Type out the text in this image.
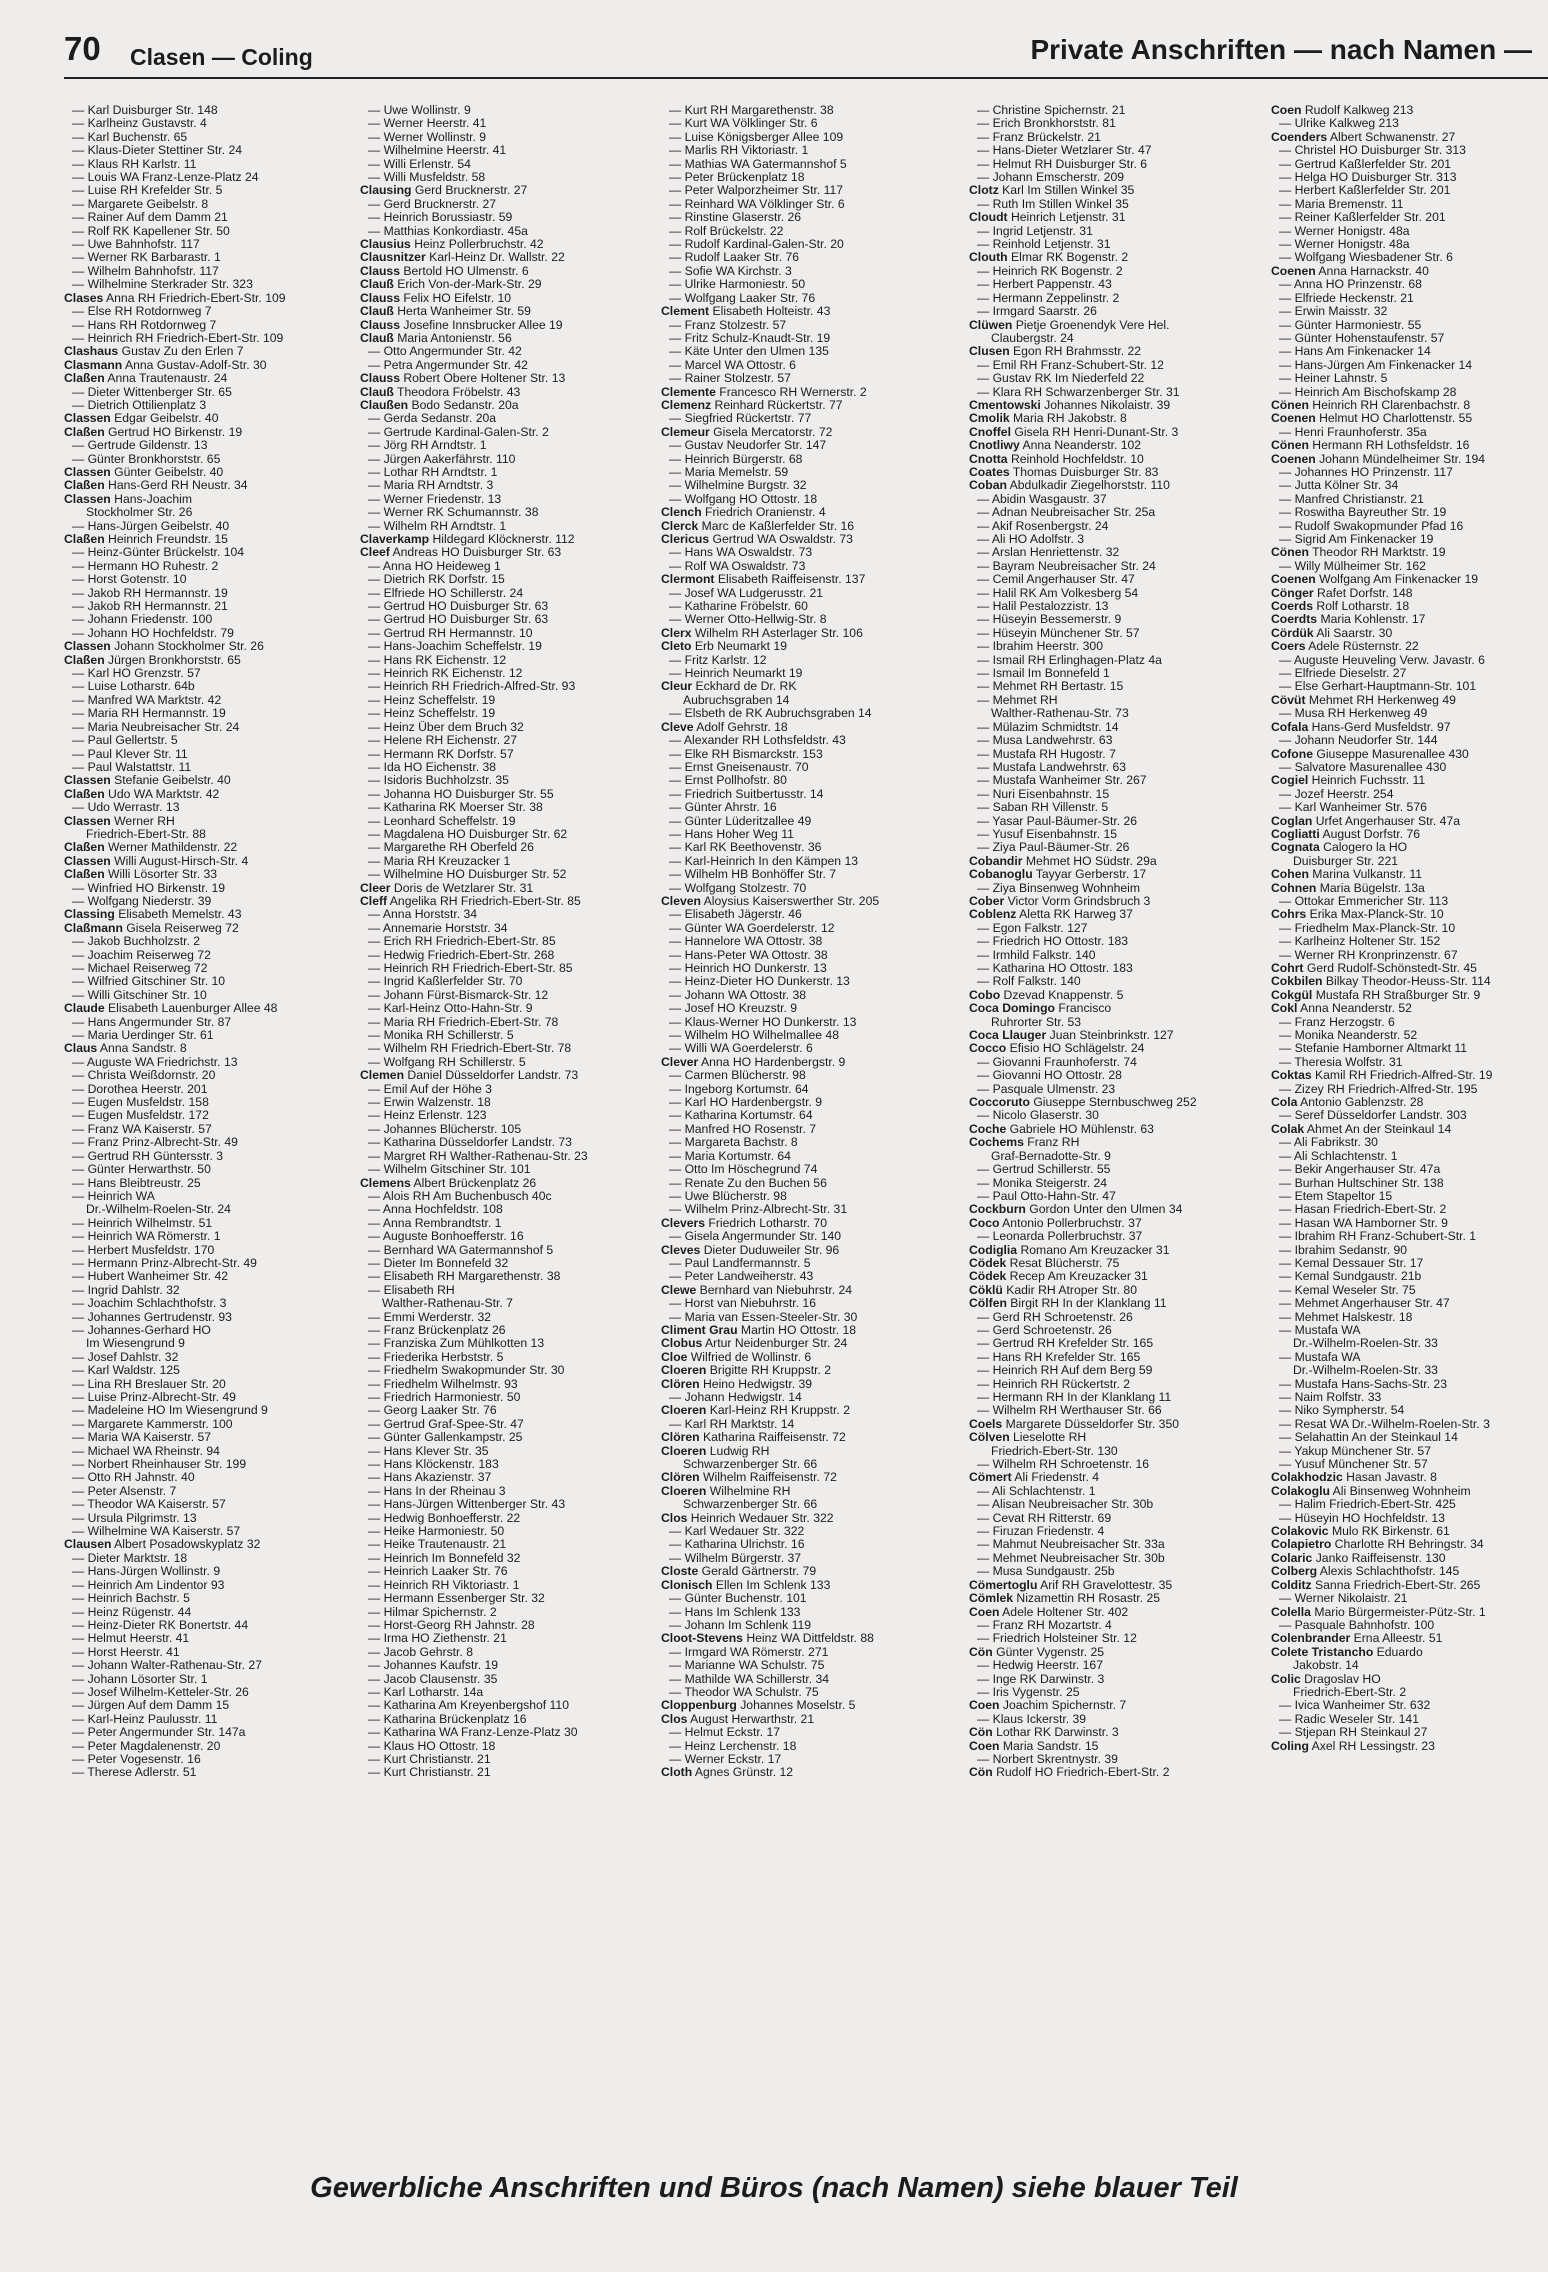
70 Clasen — Coling	Private Anschriften — nach Namen —
— Karl Duisburger Str. 148
— Karlheinz Gustavstr. 4
— Karl Buchenstr. 65
— Klaus-Dieter Stettiner Str. 24
— Klaus RH Karlstr. 11
— Louis WA Franz-Lenze-Platz 24
— Luise RH Krefelder Str. 5
— Margarete Geibelstr. 8
— Rainer Auf dem Damm 21
— Rolf RK Kapellener Str. 50
— Uwe Bahnhofstr. 117
— Werner RK Barbarastr. 1
— Wilhelm Bahnhofstr. 117
— Wilhelmine Sterkrader Str. 323
Clases Anna RH Friedrich-Ebert-Str. 109
— Else RH Rotdornweg 7
— Hans RH Rotdornweg 7
— Heinrich RH Friedrich-Ebert-Str. 109
Clashaus Gustav Zu den Erlen 7
Clasmann Anna Gustav-Adolf-Str. 30
Claßen Anna Trautenaustr. 24
— Dieter Wittenberger Str. 65
— Dietrich Ottilienplatz 3
Classen Edgar Geibelstr. 40
Claßen Gertrud HO Birkenstr. 19
— Gertrude Gildenstr. 13
— Günter Bronkhorststr. 65
Classen Günter Geibelstr. 40
Claßen Hans-Gerd RH Neustr. 34
Classen Hans-Joachim
Stockholmer Str. 26
— Hans-Jürgen Geibelstr. 40
Claßen Heinrich Freundstr. 15
— Heinz-Günter Brückelstr. 104
— Hermann HO Ruhestr. 2
— Horst Gotenstr. 10
— Jakob RH Hermannstr. 19
— Jakob RH Hermannstr. 21
— Johann Friedenstr. 100
— Johann HO Hochfeldstr. 79
Classen Johann Stockholmer Str. 26
Claßen Jürgen Bronkhorststr. 65
— Karl HO Grenzstr. 57
— Luise Lotharstr. 64b
— Manfred WA Marktstr. 42
— Maria RH Hermannstr. 19
— Maria Neubreisacher Str. 24
— Paul Gellertstr. 5
— Paul Klever Str. 11
— Paul Walstattstr. 11
Classen Stefanie Geibelstr. 40
Claßen Udo WA Marktstr. 42
— Udo Werrastr. 13
Classen Werner RH
Friedrich-Ebert-Str. 88
Claßen Werner Mathildenstr. 22
Classen Willi August-Hirsch-Str. 4
Claßen Willi Lösorter Str. 33
— Winfried HO Birkenstr. 19
— Wolfgang Niederstr. 39
Classing Elisabeth Memelstr. 43
Claßmann Gisela Reiserweg 72
— Jakob Buchholzstr. 2
— Joachim Reiserweg 72
— Michael Reiserweg 72
— Wilfried Gitschiner Str. 10
— Willi Gitschiner Str. 10
Claude Elisabeth Lauenburger Allee 48
— Hans Angermunder Str. 87
— Maria Uerdinger Str. 61
Claus Anna Sandstr. 8
— Auguste WA Friedrichstr. 13
— Christa Weißdornstr. 20
— Dorothea Heerstr. 201
— Eugen Musfeldstr. 158
— Eugen Musfeldstr. 172
— Franz WA Kaiserstr. 57
— Franz Prinz-Albrecht-Str. 49
— Gertrud RH Güntersstr. 3
— Günter Herwarthstr. 50
— Hans Bleibtreustr. 25
— Heinrich WA
Dr.-Wilhelm-Roelen-Str. 24
— Heinrich Wilhelmstr. 51
— Heinrich WA Römerstr. 1
— Herbert Musfeldstr. 170
— Hermann Prinz-Albrecht-Str. 49
— Hubert Wanheimer Str. 42
— Ingrid Dahlstr. 32
— Joachim Schlachthofstr. 3
— Johannes Gertrudenstr. 93
— Johannes-Gerhard HO
Im Wiesengrund 9
— Josef Dahlstr. 32
— Karl Waldstr. 125
— Lina RH Breslauer Str. 20
— Luise Prinz-Albrecht-Str. 49
— Madeleine HO Im Wiesengrund 9
— Margarete Kammerstr. 100
— Maria WA Kaiserstr. 57
— Michael WA Rheinstr. 94
— Norbert Rheinhauser Str. 199
— Otto RH Jahnstr. 40
— Peter Alsenstr. 7
— Theodor WA Kaiserstr. 57
— Ursula Pilgrimstr. 13
— Wilhelmine WA Kaiserstr. 57
Clausen Albert Posadowskyplatz 32
— Dieter Marktstr. 18
— Hans-Jürgen Wollinstr. 9
— Heinrich Am Lindentor 93
— Heinrich Bachstr. 5
— Heinz Rügenstr. 44
— Heinz-Dieter RK Bonertstr. 44
— Helmut Heerstr. 41
— Horst Heerstr. 41
— Johann Walter-Rathenau-Str. 27
— Johann Lösorter Str. 1
— Josef Wilhelm-Ketteler-Str. 26
— Jürgen Auf dem Damm 15
— Karl-Heinz Paulusstr. 11
— Peter Angermunder Str. 147a
— Peter Magdalenenstr. 20
— Peter Vogesenstr. 16
— Therese Adlerstr. 51
— Uwe Wollinstr. 9
— Werner Heerstr. 41
— Werner Wollinstr. 9
— Wilhelmine Heerstr. 41
— Willi Erlenstr. 54
— Willi Musfeldstr. 58
Clausing Gerd Brucknerstr. 27
— Gerd Brucknerstr. 27
— Heinrich Borussiastr. 59
— Matthias Konkordiastr. 45a
Clausius Heinz Pollerbruchstr. 42
Clausnitzer Karl-Heinz Dr. Wallstr. 22
Clauss Bertold HO Ulmenstr. 6
Clauß Erich Von-der-Mark-Str. 29
Clauss Felix HO Eifelstr. 10
Clauß Herta Wanheimer Str. 59
Clauss Josefine Innsbrucker Allee 19
Clauß Maria Antonienstr. 56
— Otto Angermunder Str. 42
— Petra Angermunder Str. 42
Clauss Robert Obere Holtener Str. 13
Clauß Theodora Fröbelstr. 43
Claußen Bodo Sedanstr. 20a
— Gerda Sedanstr. 20a
— Gertrude Kardinal-Galen-Str. 2
— Jörg RH Arndtstr. 1
— Jürgen Aakerfährstr. 110
— Lothar RH Arndtstr. 1
— Maria RH Arndtstr. 3
— Werner Friedenstr. 13
— Werner RK Schumannstr. 38
— Wilhelm RH Arndtstr. 1
Claverkamp Hildegard Klöcknerstr. 112
Cleef Andreas HO Duisburger Str. 63
— Anna HO Heideweg 1
— Dietrich RK Dorfstr. 15
— Elfriede HO Schillerstr. 24
— Gertrud HO Duisburger Str. 63
— Gertrud HO Duisburger Str. 63
— Gertrud RH Hermannstr. 10
— Hans-Joachim Scheffelstr. 19
— Hans RK Eichenstr. 12
— Heinrich RK Eichenstr. 12
— Heinrich RH Friedrich-Alfred-Str. 93
— Heinz Scheffelstr. 19
— Heinz Scheffelstr. 19
— Heinz Über dem Bruch 32
— Helene RH Eichenstr. 27
— Hermann RK Dorfstr. 57
— Ida HO Eichenstr. 38
— Isidoris Buchholzstr. 35
— Johanna HO Duisburger Str. 55
— Katharina RK Moerser Str. 38
— Leonhard Scheffelstr. 19
— Magdalena HO Duisburger Str. 62
— Margarethe RH Oberfeld 26
— Maria RH Kreuzacker 1
— Wilhelmine HO Duisburger Str. 52
Cleer Doris de Wetzlarer Str. 31
Cleff Angelika RH Friedrich-Ebert-Str. 85
— Anna Horststr. 34
— Annemarie Horststr. 34
— Erich RH Friedrich-Ebert-Str. 85
— Hedwig Friedrich-Ebert-Str. 268
— Heinrich RH Friedrich-Ebert-Str. 85
— Ingrid Kaßlerfelder Str. 70
— Johann Fürst-Bismarck-Str. 12
— Karl-Heinz Otto-Hahn-Str. 9
— Maria RH Friedrich-Ebert-Str. 78
— Monika RH Schillerstr. 5
— Wilhelm RH Friedrich-Ebert-Str. 78
— Wolfgang RH Schillerstr. 5
Clemen Daniel Düsseldorfer Landstr. 73
— Emil Auf der Höhe 3
— Erwin Walzenstr. 18
— Heinz Erlenstr. 123
— Johannes Blücherstr. 105
— Katharina Düsseldorfer Landstr. 73
— Margret RH Walther-Rathenau-Str. 23
— Wilhelm Gitschiner Str. 101
Clemens Albert Brückenplatz 26
— Alois RH Am Buchenbusch 40c
— Anna Hochfeldstr. 108
— Anna Rembrandtstr. 1
— Auguste Bonhoefferstr. 16
— Bernhard WA Gatermannshof 5
— Dieter Im Bonnefeld 32
— Elisabeth RH Margarethenstr. 38
— Elisabeth RH
Walther-Rathenau-Str. 7
— Emmi Werderstr. 32
— Franz Brückenplatz 26
— Franziska Zum Mühlkotten 13
— Friederika Herbststr. 5
— Friedhelm Swakopmunder Str. 30
— Friedhelm Wilhelmstr. 93
— Friedrich Harmoniestr. 50
— Georg Laaker Str. 76
— Gertrud Graf-Spee-Str. 47
— Günter Gallenkampstr. 25
— Hans Klever Str. 35
— Hans Klöckenstr. 183
— Hans Akazienstr. 37
— Hans In der Rheinau 3
— Hans-Jürgen Wittenberger Str. 43
— Hedwig Bonhoefferstr. 22
— Heike Harmoniestr. 50
— Heike Trautenaustr. 21
— Heinrich Im Bonnefeld 32
— Heinrich Laaker Str. 76
— Heinrich RH Viktoriastr. 1
— Hermann Essenberger Str. 32
— Hilmar Spichernstr. 2
— Horst-Georg RH Jahnstr. 28
— Irma HO Ziethenstr. 21
— Jacob Gehrstr. 8
— Johannes Kaufstr. 19
— Jacob Clausenstr. 35
— Karl Lotharstr. 14a
— Katharina Am Kreyenbergshof 110
— Katharina Brückenplatz 16
— Katharina WA Franz-Lenze-Platz 30
— Klaus HO Ottostr. 18
— Kurt Christianstr. 21
— Kurt Christianstr. 21
— Kurt RH Margarethenstr. 38
— Kurt WA Völklinger Str. 6
— Luise Königsberger Allee 109
— Marlis RH Viktoriastr. 1
— Mathias WA Gatermannshof 5
— Peter Brückenplatz 18
— Peter Walporzheimer Str. 117
— Reinhard WA Völklinger Str. 6
— Rinstine Glaserstr. 26
— Rolf Brückelstr. 22
— Rudolf Kardinal-Galen-Str. 20
— Rudolf Laaker Str. 76
— Sofie WA Kirchstr. 3
— Ulrike Harmoniestr. 50
— Wolfgang Laaker Str. 76
Clement Elisabeth Holteistr. 43
— Franz Stolzestr. 57
— Fritz Schulz-Knaudt-Str. 19
— Käte Unter den Ulmen 135
— Marcel WA Ottostr. 6
— Rainer Stolzestr. 57
Clemente Francesco RH Wernerstr. 2
Clemenz Reinhard Rückertstr. 77
— Siegfried Rückertstr. 77
Clemeur Gisela Mercatorstr. 72
— Gustav Neudorfer Str. 147
— Heinrich Bürgerstr. 68
— Maria Memelstr. 59
— Wilhelmine Burgstr. 32
— Wolfgang HO Ottostr. 18
Clench Friedrich Oranienstr. 4
Clerck Marc de Kaßlerfelder Str. 16
Clericus Gertrud WA Oswaldstr. 73
— Hans WA Oswaldstr. 73
— Rolf WA Oswaldstr. 73
Clermont Elisabeth Raiffeisenstr. 137
— Josef WA Ludgerusstr. 21
— Katharine Fröbelstr. 60
— Werner Otto-Hellwig-Str. 8
Clerx Wilhelm RH Asterlager Str. 106
Cleto Erb Neumarkt 19
— Fritz Karlstr. 12
— Heinrich Neumarkt 19
Cleur Eckhard de Dr. RK
Aubruchsgraben 14
— Elsbeth de RK Aubruchsgraben 14
Cleve Adolf Gehrstr. 18
— Alexander RH Lothsfeldstr. 43
— Elke RH Bismarckstr. 153
— Ernst Gneisenaustr. 70
— Ernst Pollhofstr. 80
— Friedrich Suitbertusstr. 14
— Günter Ahrstr. 16
— Günter Lüderitzallee 49
— Hans Hoher Weg 11
— Karl RK Beethovenstr. 36
— Karl-Heinrich In den Kämpen 13
— Wilhelm HB Bonhöffer Str. 7
— Wolfgang Stolzestr. 70
Cleven Aloysius Kaiserswerther Str. 205
— Elisabeth Jägerstr. 46
— Günter WA Goerdelerstr. 12
— Hannelore WA Ottostr. 38
— Hans-Peter WA Ottostr. 38
— Heinrich HO Dunkerstr. 13
— Heinz-Dieter HO Dunkerstr. 13
— Johann WA Ottostr. 38
— Josef HO Kreuzstr. 9
— Klaus-Werner HO Dunkerstr. 13
— Wilhelm HO Wilhelmallee 48
— Willi WA Goerdelerstr. 6
Clever Anna HO Hardenbergstr. 9
— Carmen Blücherstr. 98
— Ingeborg Kortumstr. 64
— Karl HO Hardenbergstr. 9
— Katharina Kortumstr. 64
— Manfred HO Rosenstr. 7
— Margareta Bachstr. 8
— Maria Kortumstr. 64
— Otto Im Höschegrund 74
— Renate Zu den Buchen 56
— Uwe Blücherstr. 98
— Wilhelm Prinz-Albrecht-Str. 31
Clevers Friedrich Lotharstr. 70
— Gisela Angermunder Str. 140
Cleves Dieter Duduweiler Str. 96
— Paul Landfermannstr. 5
— Peter Landweiherstr. 43
Clewe Bernhard van Niebuhrstr. 24
— Horst van Niebuhrstr. 16
— Maria van Essen-Steeler-Str. 30
Climent Grau Martin HO Ottostr. 18
Clobus Artur Neidenburger Str. 24
Cloe Wilfried de Wollinstr. 6
Cloeren Brigitte RH Kruppstr. 2
Clören Heino Hedwigstr. 39
— Johann Hedwigstr. 14
Cloeren Karl-Heinz RH Kruppstr. 2
— Karl RH Marktstr. 14
Clören Katharina Raiffeisenstr. 72
Cloeren Ludwig RH
Schwarzenberger Str. 66
Clören Wilhelm Raiffeisenstr. 72
Cloeren Wilhelmine RH
Schwarzenberger Str. 66
Clos Heinrich Wedauer Str. 322
— Karl Wedauer Str. 322
— Katharina Ulrichstr. 16
— Wilhelm Bürgerstr. 37
Closte Gerald Gärtnerstr. 79
Clonisch Ellen Im Schlenk 133
— Günter Buchenstr. 101
— Hans Im Schlenk 133
— Johann Im Schlenk 119
Cloot-Stevens Heinz WA Dittfeldstr. 88
— Irmgard WA Römerstr. 271
— Marianne WA Schulstr. 75
— Mathilde WA Schillerstr. 34
— Theodor WA Schulstr. 75
Cloppenburg Johannes Moselstr. 5
Clos August Herwarthstr. 21
— Helmut Eckstr. 17
— Heinz Lerchenstr. 18
— Werner Eckstr. 17
Cloth Agnes Grünstr. 12
— Christine Spichernstr. 21
— Erich Bronkhorststr. 81
— Franz Brückelstr. 21
— Hans-Dieter Wetzlarer Str. 47
— Helmut RH Duisburger Str. 6
— Johann Emscherstr. 209
Clotz Karl Im Stillen Winkel 35
— Ruth Im Stillen Winkel 35
Cloudt Heinrich Letjenstr. 31
— Ingrid Letjenstr. 31
— Reinhold Letjenstr. 31
Clouth Elmar RK Bogenstr. 2
— Heinrich RK Bogenstr. 2
— Herbert Pappenstr. 43
— Hermann Zeppelinstr. 2
— Irmgard Saarstr. 26
Clüwen Pietje Groenendyk Vere Hel.
Claubergstr. 24
Clusen Egon RH Brahmsstr. 22
— Emil RH Franz-Schubert-Str. 12
— Gustav RK Im Niederfeld 22
— Klara RH Schwarzenberger Str. 31
Cmentowski Johannes Nikolaistr. 39
Cmolik Maria RH Jakobstr. 8
Cnoffel Gisela RH Henri-Dunant-Str. 3
Cnotliwy Anna Neanderstr. 102
Cnotta Reinhold Hochfeldstr. 10
Coates Thomas Duisburger Str. 83
Coban Abdulkadir Ziegelhorststr. 110
— Abidin Wasgaustr. 37
— Adnan Neubreisacher Str. 25a
— Akif Rosenbergstr. 24
— Ali HO Adolfstr. 3
— Arslan Henriettenstr. 32
— Bayram Neubreisacher Str. 24
— Cemil Angerhauser Str. 47
— Halil RK Am Volkesberg 54
— Halil Pestalozzistr. 13
— Hüseyin Bessemerstr. 9
— Hüseyin Münchener Str. 57
— Ibrahim Heerstr. 300
— Ismail RH Erlinghagen-Platz 4a
— Ismail Im Bonnefeld 1
— Mehmet RH Bertastr. 15
— Mehmet RH
Walther-Rathenau-Str. 73
— Mülazim Schmidtstr. 14
— Musa Landwehrstr. 63
— Mustafa RH Hugostr. 7
— Mustafa Landwehrstr. 63
— Mustafa Wanheimer Str. 267
— Nuri Eisenbahnstr. 15
— Saban RH Villenstr. 5
— Yasar Paul-Bäumer-Str. 26
— Yusuf Eisenbahnstr. 15
— Ziya Paul-Bäumer-Str. 26
Cobandir Mehmet HO Südstr. 29a
Cobanoglu Tayyar Gerberstr. 17
— Ziya Binsenweg Wohnheim
Cober Victor Vorm Grindsbruch 3
Coblenz Aletta RK Harweg 37
— Egon Falkstr. 127
— Friedrich HO Ottostr. 183
— Irmhild Falkstr. 140
— Katharina HO Ottostr. 183
— Rolf Falkstr. 140
Cobo Dzevad Knappenstr. 5
Coca Domingo Francisco
Ruhrorter Str. 53
Coca Llauger Juan Steinbrinkstr. 127
Cocco Efisio HO Schlägelstr. 24
— Giovanni Fraunhoferstr. 74
— Giovanni HO Ottostr. 28
— Pasquale Ulmenstr. 23
Coccoruto Giuseppe Sternbuschweg 252
— Nicolo Glaserstr. 30
Coche Gabriele HO Mühlenstr. 63
Cochems Franz RH
Graf-Bernadotte-Str. 9
— Gertrud Schillerstr. 55
— Monika Steigerstr. 24
— Paul Otto-Hahn-Str. 47
Cockburn Gordon Unter den Ulmen 34
Coco Antonio Pollerbruchstr. 37
— Leonarda Pollerbruchstr. 37
Codiglia Romano Am Kreuzacker 31
Cödek Resat Blücherstr. 75
Cödek Recep Am Kreuzacker 31
Cöklü Kadir RH Atroper Str. 80
Cölfen Birgit RH In der Klanklang 11
— Gerd RH Schroetenstr. 26
— Gerd Schroetenstr. 26
— Gertrud RH Krefelder Str. 165
— Hans RH Krefelder Str. 165
— Heinrich RH Auf dem Berg 59
— Heinrich RH Rückertstr. 2
— Hermann RH In der Klanklang 11
— Wilhelm RH Werthauser Str. 66
Coels Margarete Düsseldorfer Str. 350
Cölven Lieselotte RH
Friedrich-Ebert-Str. 130
— Wilhelm RH Schroetenstr. 16
Cömert Ali Friedenstr. 4
— Ali Schlachtenstr. 1
— Alisan Neubreisacher Str. 30b
— Cevat RH Ritterstr. 69
— Firuzan Friedenstr. 4
— Mahmut Neubreisacher Str. 33a
— Mehmet Neubreisacher Str. 30b
— Musa Sundgaustr. 25b
Cömertoglu Arif RH Gravelottestr. 35
Cömlek Nizamettin RH Rosastr. 25
Coen Adele Holtener Str. 402
— Franz RH Mozartstr. 4
— Friedrich Holsteiner Str. 12
Cön Günter Vygenstr. 25
— Hedwig Heerstr. 167
— Inge RK Darwinstr. 3
— Iris Vygenstr. 25
Coen Joachim Spichernstr. 7
— Klaus Ickerstr. 39
Cön Lothar RK Darwinstr. 3
Coen Maria Sandstr. 15
— Norbert Skrentnystr. 39
Cön Rudolf HO Friedrich-Ebert-Str. 2
Coen Rudolf Kalkweg 213
— Ulrike Kalkweg 213
Coenders Albert Schwanenstr. 27
— Christel HO Duisburger Str. 313
— Gertrud Kaßlerfelder Str. 201
— Helga HO Duisburger Str. 313
— Herbert Kaßlerfelder Str. 201
— Maria Bremenstr. 11
— Reiner Kaßlerfelder Str. 201
— Werner Honigstr. 48a
— Werner Honigstr. 48a
— Wolfgang Wiesbadener Str. 6
Coenen Anna Harnackstr. 40
— Anna HO Prinzenstr. 68
— Elfriede Heckenstr. 21
— Erwin Maisstr. 32
— Günter Harmoniestr. 55
— Günter Hohenstaufenstr. 57
— Hans Am Finkenacker 14
— Hans-Jürgen Am Finkenacker 14
— Heiner Lahnstr. 5
— Heinrich Am Bischofskamp 28
Cönen Heinrich RH Clarenbachstr. 8
Coenen Helmut HO Charlottenstr. 55
— Henri Fraunhoferstr. 35a
Cönen Hermann RH Lothsfeldstr. 16
Coenen Johann Mündelheimer Str. 194
— Johannes HO Prinzenstr. 117
— Jutta Kölner Str. 34
— Manfred Christianstr. 21
— Roswitha Bayreuther Str. 19
— Rudolf Swakopmunder Pfad 16
— Sigrid Am Finkenacker 19
Cönen Theodor RH Marktstr. 19
— Willy Mülheimer Str. 162
Coenen Wolfgang Am Finkenacker 19
Cönger Rafet Dorfstr. 148
Coerds Rolf Lotharstr. 18
Coerdts Maria Kohlenstr. 17
Cördük Ali Saarstr. 30
Coers Adele Rüsternstr. 22
— Auguste Heuveling Verw. Javastr. 6
— Elfriede Dieselstr. 27
— Else Gerhart-Hauptmann-Str. 101
Cövüt Mehmet RH Herkenweg 49
— Musa RH Herkenweg 49
Cofala Hans-Gerd Musfeldstr. 97
— Johann Neudorfer Str. 144
Cofone Giuseppe Masurenallee 430
— Salvatore Masurenallee 430
Cogiel Heinrich Fuchsstr. 11
— Jozef Heerstr. 254
— Karl Wanheimer Str. 576
Coglan Urfet Angerhauser Str. 47a
Cogliatti August Dorfstr. 76
Cognata Calogero la HO
Duisburger Str. 221
Cohen Marina Vulkanstr. 11
Cohnen Maria Bügelstr. 13a
— Ottokar Emmericher Str. 113
Cohrs Erika Max-Planck-Str. 10
— Friedhelm Max-Planck-Str. 10
— Karlheinz Holtener Str. 152
— Werner RH Kronprinzenstr. 67
Cohrt Gerd Rudolf-Schönstedt-Str. 45
Cokbilen Bilkay Theodor-Heuss-Str. 114
Cokgül Mustafa RH Straßburger Str. 9
Cokl Anna Neanderstr. 52
— Franz Herzogstr. 6
— Monika Neanderstr. 52
— Stefanie Hamborner Altmarkt 11
— Theresia Wolfstr. 31
Coktas Kamil RH Friedrich-Alfred-Str. 19
— Zizey RH Friedrich-Alfred-Str. 195
Cola Antonio Gablenzstr. 28
— Seref Düsseldorfer Landstr. 303
Colak Ahmet An der Steinkaul 14
— Ali Fabrikstr. 30
— Ali Schlachtenstr. 1
— Bekir Angerhauser Str. 47a
— Burhan Hultschiner Str. 138
— Etem Stapeltor 15
— Hasan Friedrich-Ebert-Str. 2
— Hasan WA Hamborner Str. 9
— Ibrahim RH Franz-Schubert-Str. 1
— Ibrahim Sedanstr. 90
— Kemal Dessauer Str. 17
— Kemal Sundgaustr. 21b
— Kemal Weseler Str. 75
— Mehmet Angerhauser Str. 47
— Mehmet Halskestr. 18
— Mustafa WA
Dr.-Wilhelm-Roelen-Str. 33
— Mustafa WA
Dr.-Wilhelm-Roelen-Str. 33
— Mustafa Hans-Sachs-Str. 23
— Naim Rolfstr. 33
— Niko Sympherstr. 54
— Resat WA Dr.-Wilhelm-Roelen-Str. 3
— Selahattin An der Steinkaul 14
— Yakup Münchener Str. 57
— Yusuf Münchener Str. 57
Colakhodzic Hasan Javastr. 8
Colakoglu Ali Binsenweg Wohnheim
— Halim Friedrich-Ebert-Str. 425
— Hüseyin HO Hochfeldstr. 13
Colakovic Mulo RK Birkenstr. 61
Colapietro Charlotte RH Behringstr. 34
Colaric Janko Raiffeisenstr. 130
Colberg Alexis Schlachthofstr. 145
Colditz Sanna Friedrich-Ebert-Str. 265
— Werner Nikolaistr. 21
Colella Mario Bürgermeister-Pütz-Str. 1
— Pasquale Bahnhofstr. 100
Colenbrander Erna Alleestr. 51
Colete Tristancho Eduardo
Jakobstr. 14
Colic Dragoslav HO
Friedrich-Ebert-Str. 2
— Ivica Wanheimer Str. 632
— Radic Weseler Str. 141
— Stjepan RH Steinkaul 27
Coling Axel RH Lessingstr. 23
Gewerbliche Anschriften und Büros (nach Namen) siehe blauer Teil
